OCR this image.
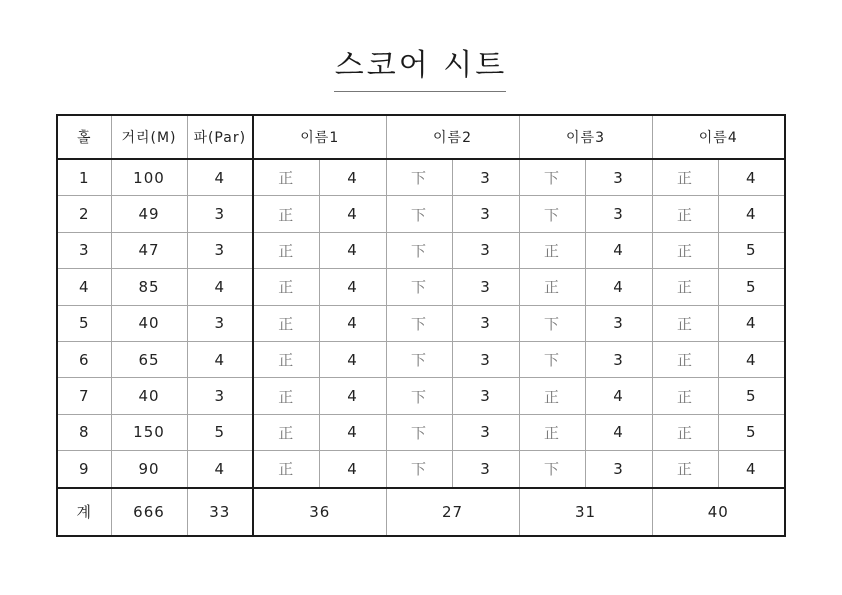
스코어 시트
홀	거리(M)	파(Par)	이름1		이름2		이름3		이름4	
1	100	4	正	4	下	3	下	3	正	4
2	49	3	正	4	下	3	下	3	正	4
3	47	3	正	4	下	3	正	4	正	5
4	85	4	正	4	下	3	正	4	正	5
5	40	3	正	4	下	3	下	3	正	4
6	65	4	正	4	下	3	下	3	正	4
7	40	3	正	4	下	3	正	4	正	5
8	150	5	正	4	下	3	正	4	正	5
9	90	4	正	4	下	3	下	3	正	4
계	666	33	36		27		31		40	
